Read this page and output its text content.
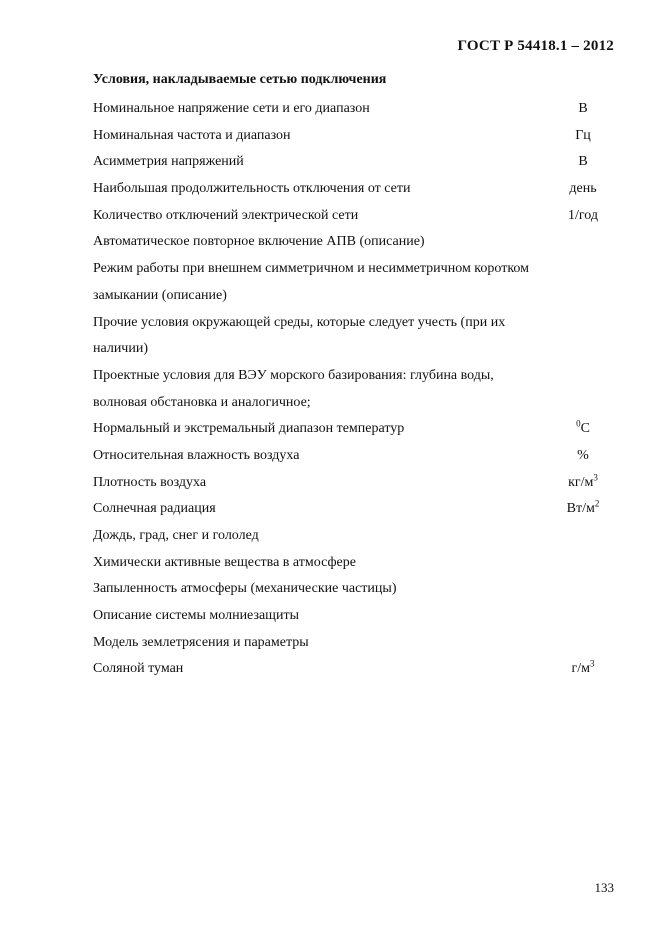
ГОСТ Р 54418.1 – 2012
Условия, накладываемые сетью подключения
Номинальное напряжение сети и его диапазон	В
Номинальная частота и диапазон	Гц
Асимметрия напряжений	В
Наибольшая продолжительность отключения от сети	день
Количество отключений электрической сети	1/год
Автоматическое повторное включение АПВ (описание)
Режим работы при внешнем симметричном и несимметричном коротком
замыкании (описание)
Прочие условия окружающей среды, которые следует учесть (при их
наличии)
Проектные условия для ВЭУ морского базирования: глубина воды,
волновая обстановка и аналогичное;
Нормальный и экстремальный диапазон температур	$^0$C
Относительная влажность воздуха	%
Плотность воздуха	$кг/м^3$
Солнечная радиация	$Вт/м^2$
Дождь, град, снег и гололед
Химически активные вещества в атмосфере
Запыленность атмосферы (механические частицы)
Описание системы молниезащиты
Модель землетрясения и параметры
Соляной туман	$г/м^3$
133
